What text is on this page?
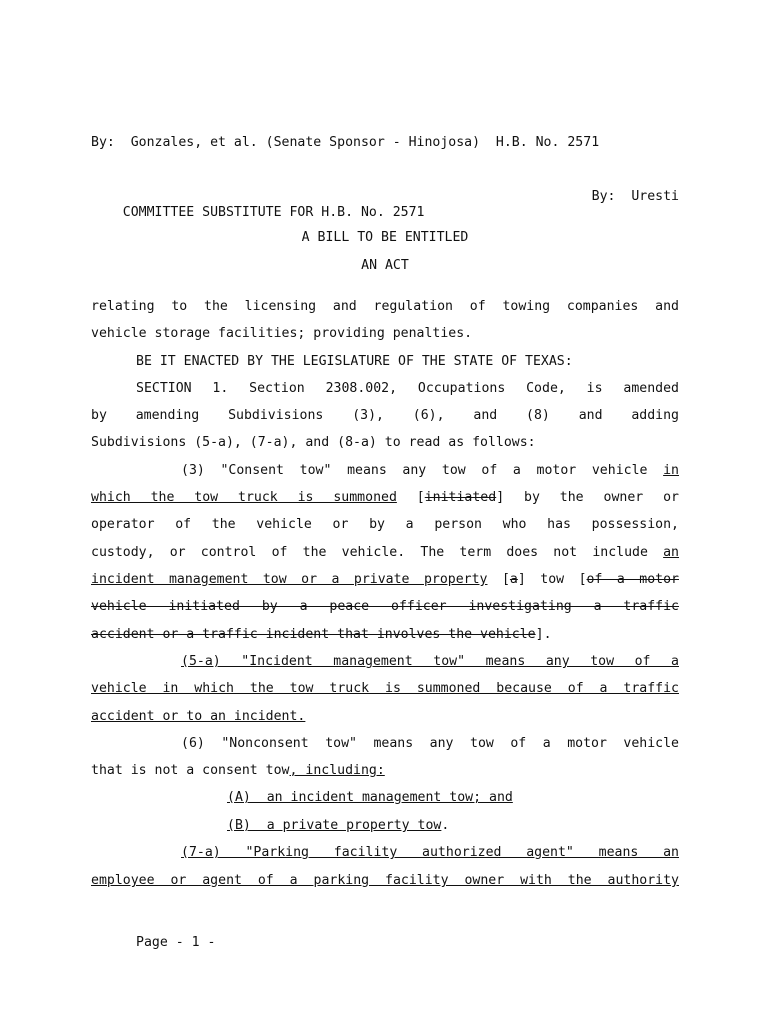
By:  Gonzales, et al. (Senate Sponsor - Hinojosa)  H.B. No. 2571

COMMITTEE SUBSTITUTE FOR H.B. No. 2571

By:  Uresti

A BILL TO BE ENTITLED
AN ACT
relating to the licensing and regulation of towing companies and
vehicle storage facilities; providing penalties.
BE IT ENACTED BY THE LEGISLATURE OF THE STATE OF TEXAS:
SECTION 1. Section 2308.002, Occupations Code, is amended
by amending Subdivisions (3), (6), and (8) and adding
Subdivisions (5-a), (7-a), and (8-a) to read as follows:
(3) "Consent tow" means any tow of a motor vehicle in
which the tow truck is summoned [initiated] by the owner or
operator of the vehicle or by a person who has possession,
custody, or control of the vehicle. The term does not include an
incident management tow or a private property [a] tow [of a motor
vehicle initiated by a peace officer investigating a traffic
accident or a traffic incident that involves the vehicle].
(5-a) "Incident management tow" means any tow of a
vehicle in which the tow truck is summoned because of a traffic
accident or to an incident.
(6) "Nonconsent tow" means any tow of a motor vehicle
that is not a consent tow, including:
(A)  an incident management tow; and
(B)  a private property tow.
(7-a) "Parking facility authorized agent" means an
employee or agent of a parking facility owner with the authority
Page - 1 -
